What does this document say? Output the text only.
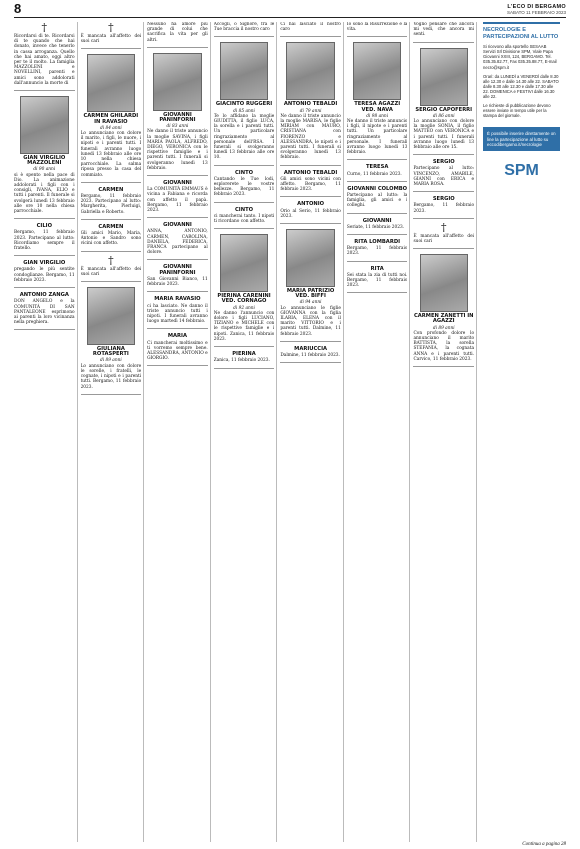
8	L'ECO DI BERGAMO
SABATO 11 FEBBRAIO 2023
†
Ricordarsi di te. Ricordarsi di te quando che hai donato, invece che tenerlo in cassa arroganza. Quello che hai amato, oggi altro per te il molto. La famiglia MAZZOLENI e NOVELLINI, parenti e amici sono addolorati dall'annuncio la morte di
GIAN VIRGILIO MAZZOLENI
di 90 anni
si è spento nella pace di Dio. La animazione addolorati i figli con i consigli, IVANA, ELIO e tutti i parenti. Il funerale si svolgerà lunedì 13 febbraio alle ore 10 nella chiesa parrocchiale.
CILIO
Bergamo, 11 febbraio 2023. Partecipano al lutto: Ricordiamo sempre il fratello.
GIAN VIRGILIO
pregando le più sentite condoglianze. Bergamo, 11 febbraio 2023.
ANTONIO ZANGA
DON ANGELO e la COMUNITÀ DI SAN PANTALEONE esprimono ai parenti la loro vicinanza nella preghiera.
†
È mancata all'affetto dei suoi cari
CARMEN GHILARDI IN RAVASIO
di 84 anni
Lo annunciano con dolore il marito, i figli, le nuore, i nipoti e i parenti tutti. I funerali avranno luogo lunedì 13 febbraio alle ore 10 nella chiesa parrocchiale. La salma riposa presso la casa del commiato.
CARMEN
Bergamo, 11 febbraio 2023. Partecipano al lutto: Margherita, Pierluigi, Gabriella e Roberto.
CARMEN
Gli amici Mario, Maria, Antonio e Sandro sono vicini con affetto.
†
È mancata all'affetto dei suoi cari
GIULIANA ROTASPERTI
di 89 anni
Lo annunciano con dolore le sorelle, i fratelli, le cognate, i nipoti e i parenti tutti. Bergamo, 11 febbraio 2023.
Nessuno ha amore più grande di colui che sacrifica la vita per gli altri.
GIOVANNI PANINFORNI
di 83 anni
Ne danno il triste annuncio la moglie SAVINA, i figli MARIA PAOLA, ALFREDO, DIEGO, VERONICA con le rispettive famiglie e i parenti tutti. I funerali si svolgeranno lunedì 13 febbraio.
GIOVANNI
La COMUNITÀ EMMAUS è vicina a Fabiana e ricorda con affetto il papà. Bergamo, 11 febbraio 2023.
GIOVANNI
ANNA, ANTONIO, CARMEN, CAROLINA, DANIELA, FEDERICA, FRANCA partecipano al dolore.
GIOVANNI PANINFORNI
San Giovanni Bianco, 11 febbraio 2023.
MARIA RAVASIO
ci ha lasciato. Ne danno il triste annuncio tutti i nipoti. I funerali avranno luogo martedì 14 febbraio.
MARIA
Ci mancherai moltissimo e ti vorremo sempre bene. ALESSANDRA, ANTONIO e GIORGIO.
Accogli, o Signore, fra le Tue braccia il nostro caro
GIACINTO RUGGERI
di 85 anni
Te lo affidano la moglie GIUDITTA, il figlio LUCA, la sorella e i parenti tutti. Un particolare ringraziamento al personale dell'RSA. I funerali si svolgeranno lunedì 13 febbraio alle ore 10.
CINTO
Cantando le Tue lodi, esplorerete le vostre bellezze. Bergamo, 11 febbraio 2023.
CINTO
ci mancherai tanto. I nipoti ti ricordano con affetto.
PIERINA CARENINI VED. CORNAGO
di 92 anni
Ne danno l'annuncio con dolore i figli LUCIANO, TIZIANO e MICHELE con le rispettive famiglie e i nipoti. Zanica, 11 febbraio 2023.
PIERINA
Zanica, 11 febbraio 2023.
Ci hai lasciato il nostro caro
ANTONIO TEBALDI
di 79 anni
Ne danno il triste annuncio la moglie MARISA, le figlie MIRIAM con MAURO, CRISTIANA con FIORENZO e ALESSANDRA, le nipoti e i parenti tutti. I funerali si svolgeranno lunedì 13 febbraio.
ANTONIO TEBALDI
Gli amici sono vicini con affetto. Bergamo, 11 febbraio 2023.
ANTONIO
Orio al Serio, 11 febbraio 2023.
MARIA PATRIZIO VED. BIFFI
di 94 anni
Lo annunciano le figlie GIOVANNA con la figlia ILARIA, ELENA con il marito VITTORIO e i parenti tutti. Dalmine, 11 febbraio 2023.
MARIUCCIA
Dalmine, 11 febbraio 2023.
Io sono la Risurrezione e la vita.
TERESA AGAZZI VED. NAVA
di 98 anni
Ne danno il triste annuncio i figli, il nipote e i parenti tutti. Un particolare ringraziamento al personale. I funerali avranno luogo lunedì 13 febbraio.
TERESA
Curno, 11 febbraio 2023.
GIOVANNI COLOMBO
Partecipano al lutto: la famiglia, gli amici e i colleghi.
GIOVANNI
Seriate, 11 febbraio 2023.
RITA LOMBARDI
Bergamo, 11 febbraio 2023.
RITA
Sei stata la zia di tutti noi. Bergamo, 11 febbraio 2023.
Voglio pensare che ancora mi vedi, che ancora mi senti.
SERGIO CAPOFERRI
di 86 anni
Lo annunciano con dolore la moglie SONIA, il figlio MATTEO con VERONICA e i parenti tutti. I funerali avranno luogo lunedì 13 febbraio alle ore 15.
SERGIO
Partecipano al lutto: VINCENZO, AMABILE, GIANNI con ERICA e MARIA ROSA.
SERGIO
Bergamo, 11 febbraio 2023.
†
È mancata all'affetto dei suoi cari
CARMEN ZANETTI IN AGAZZI
di 89 anni
Con profondo dolore lo annunciano il marito BATTISTA, la sorella STEFANIA, la cognata ANNA e i parenti tutti. Carvico, 11 febbraio 2023.
NECROLOGIE E PARTECIPAZIONI AL LUTTO
Si ricevono alla sportello SESAAB Servizi Srl Divisione SPM, Viale Papa Giovanni XXIII, 124, BERGAMO. Tel. 035.35.82.77, Fax 035.35.88.77, E-mail necro@spm.it
Orari: da LUNEDÌ a VENERDÌ dalle 8.30 alle 12.30 e dalle 14.30 alle 22. SABATO dalle 8.30 alle 12.30 e dalle 17.30 alle 22. DOMENICA e FESTIVI dalle 16.30 alle 22.
Le richieste di pubblicazione devono essere inviate in tempo utile per la stampa del giornale.
È possibile inserire direttamente on line la partecipazione al lutto su eccodibergamo.it/necrologie
SPM
Continua a pagina 28
